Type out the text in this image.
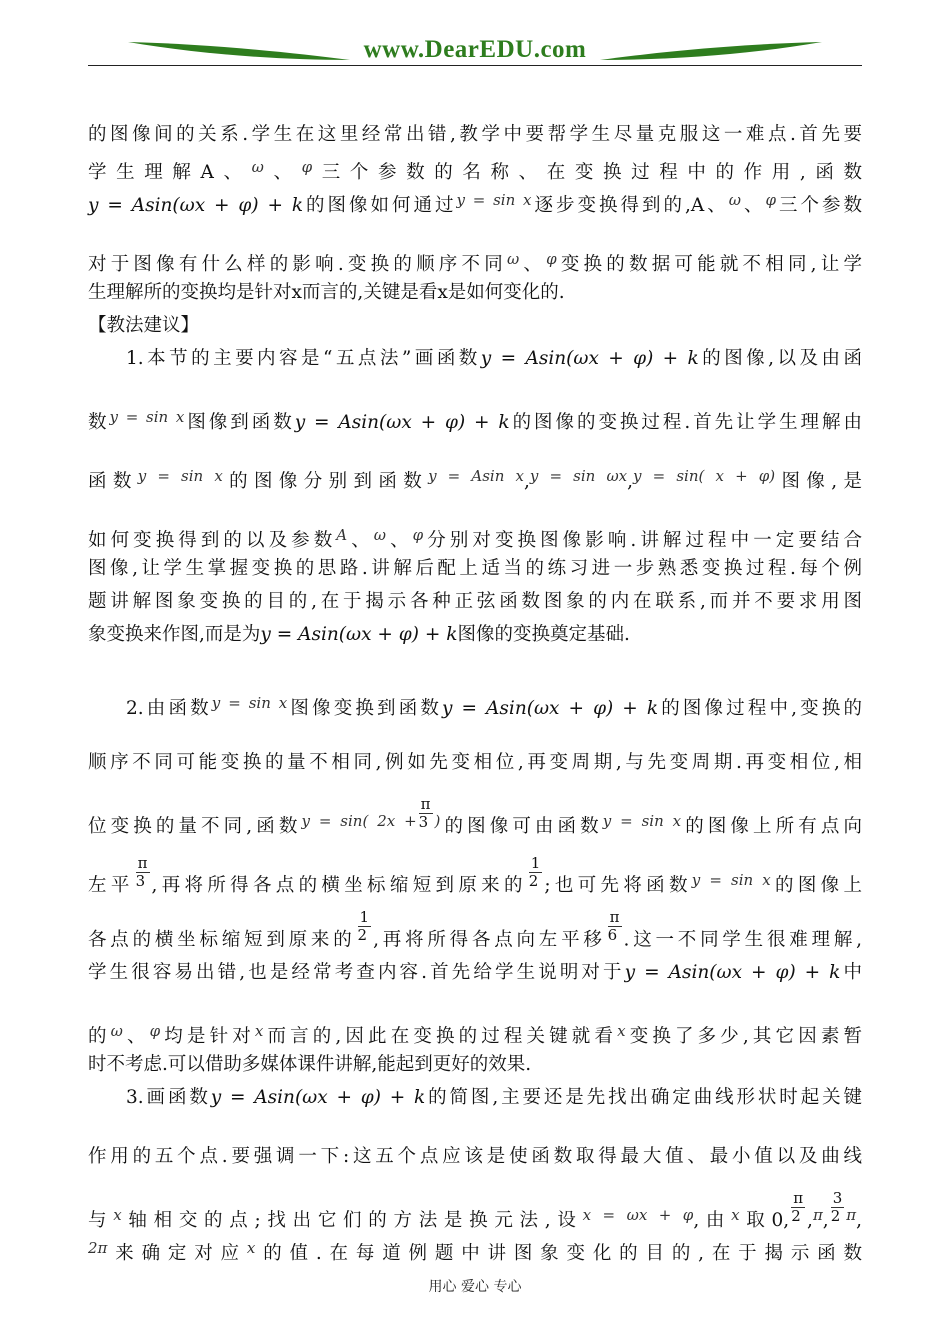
www.DearEDU.com
的图像间的关系.学生在这里经常出错,教学中要帮学生尽量克服这一难点.首先要
学生理解A、$^\omega$、$^\varphi$三个参数的名称、在变换过程中的作用,函数
y = Asin(ωx + φ) + k的图像如何通过$^{y = sin x}$逐步变换得到的,A、$^\omega$、$^\varphi$三个参数
对于图像有什么样的影响.变换的顺序不同$^\omega$、$^\varphi$变换的数据可能就不相同,让学
生理解所的变换均是针对x而言的,关键是看x是如何变化的.
【教法建议】
1.本节的主要内容是“五点法”画函数y = Asin(ωx + φ) + k的图像,以及由函
数$^{y = sin x}$图像到函数y = Asin(ωx + φ) + k的图像的变换过程.首先让学生理解由
函数$^{y = sin x}$的图像分别到函数$^{y = Asin x}$,$^{y = sin \omega x}$,$^{y = sin( x + \varphi)}$图像,是
如何变换得到的以及参数$^A$、$^\omega$、$^\varphi$分别对变换图像影响.讲解过程中一定要结合
图像,让学生掌握变换的思路.讲解后配上适当的练习进一步熟悉变换过程.每个例
题讲解图象变换的目的,在于揭示各种正弦函数图象的内在联系,而并不要求用图
象变换来作图,而是为y = Asin(ωx + φ) + k图像的变换奠定基础.
2.由函数$^{y = sin x}$图像变换到函数y = Asin(ωx + φ) + k的图像过程中,变换的
顺序不同可能变换的量不相同,例如先变相位,再变周期,与先变周期.再变相位,相
位变换的量不同,函数$^{y = sin( 2x +} \frac{\pi}{3} ^)$的图像可由函数$^{y = sin x}$的图像上所有点向
左平 $\frac{\pi}{3}$ ,再将所得各点的横坐标缩短到原来的 $\frac{1}{2}$ ;也可先将函数$^{y = sin x}$的图像上
各点的横坐标缩短到原来的 $\frac{1}{2}$ ,再将所得各点向左平移 $\frac{\pi}{6}$ .这一不同学生很难理解,
学生很容易出错,也是经常考查内容.首先给学生说明对于y = Asin(ωx + φ) + k中
的$^\omega$、$^\varphi$均是针对$^x$而言的,因此在变换的过程关键就看$^x$变换了多少,其它因素暂
时不考虑.可以借助多媒体课件讲解,能起到更好的效果.
3.画函数y = Asin(ωx + φ) + k的简图,主要还是先找出确定曲线形状时起关键
作用的五个点.要强调一下:这五个点应该是使函数取得最大值、最小值以及曲线
与$^x$轴相交的点;找出它们的方法是换元法,设$^{x = \omega x + \varphi}$,由$^x$取0, $\frac{\pi}{2} ,^\pi$, $\frac{3}{2} ^\pi$,
$^{2\pi}$来确定对应$^x$的值.在每道例题中讲图象变化的目的,在于揭示函数
用心 爱心 专心
